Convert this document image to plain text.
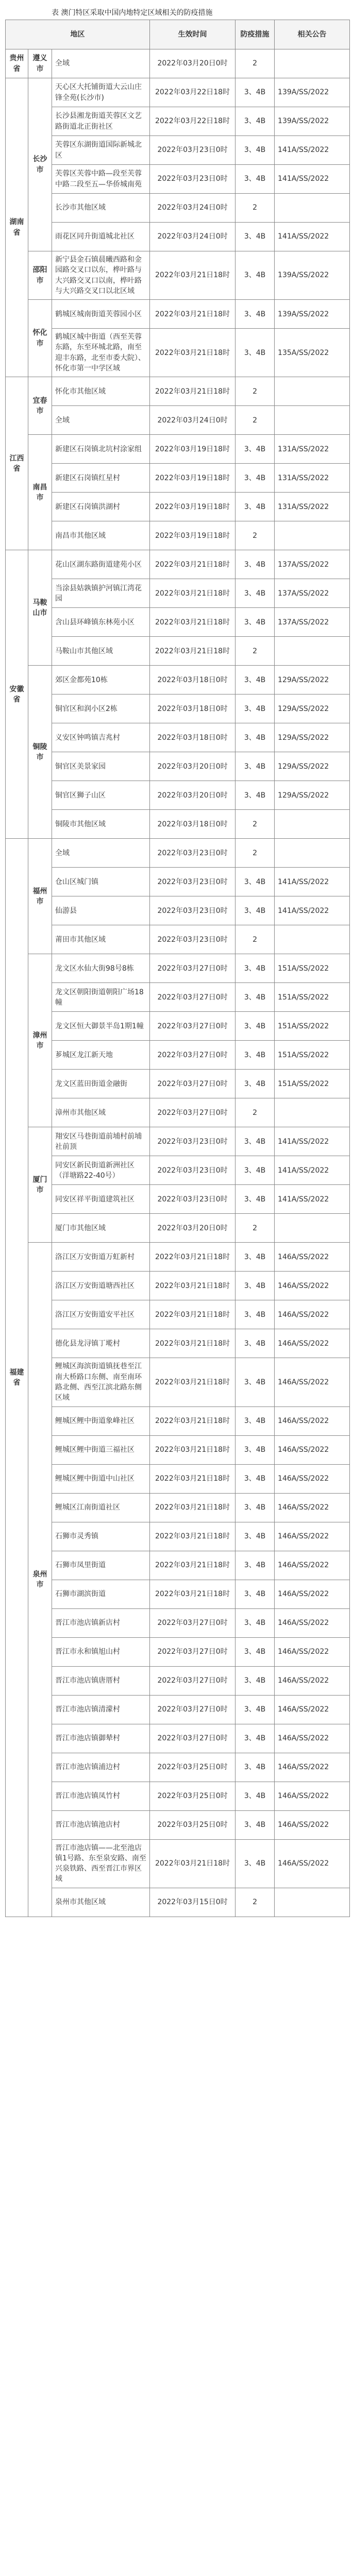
表 澳门特区采取中国内地特定区域相关的防疫措施
地区			生效时间	防疫措施	相关公告
贵州省	遵义市	全域	2022年03月20日0时	2	
湖南省	长沙市	天心区大托铺街道大云山庄锋全苑(长沙市)	2022年03月22日18时	3、4B	139A/SS/2022
		长沙县湘龙街道芙蓉区文艺路街道北正街社区	2022年03月22日18时	3、4B	139A/SS/2022
		芙蓉区东湖街道国际新城北区	2022年03月23日0时	3、4B	141A/SS/2022
		芙蓉区芙蓉中路—段至芙蓉中路二段至五—华侨城南苑	2022年03月23日0时	3、4B	141A/SS/2022
		长沙市其他区域	2022年03月24日0时	2	
		雨花区同升街道城北社区	2022年03月24日0时	3、4B	141A/SS/2022
	邵阳市	新宁县金石镇晨曦西路和金园路交叉口以东，桦叶路与大兴路交叉口以南，桦叶路与大兴路交叉口以北区域	2022年03月21日18时	3、4B	139A/SS/2022
	怀化市	鹤城区城南街道芙蓉园小区	2022年03月21日18时	3、4B	139A/SS/2022
		鹤城区城中街道（西至芙蓉东路，东至环城北路，南至迎丰东路，北至市委大院）、怀化市第一中学区域	2022年03月21日18时	3、4B	135A/SS/2022
江西省	宜春市	怀化市其他区域	2022年03月21日18时	2	
		全域	2022年03月24日0时	2	
	南昌市	新建区石岗镇北坑村涂家组	2022年03月19日18时	3、4B	131A/SS/2022
		新建区石岗镇红星村	2022年03月19日18时	3、4B	131A/SS/2022
		新建区石岗镇洪湖村	2022年03月19日18时	3、4B	131A/SS/2022
		南昌市其他区域	2022年03月19日18时	2	
安徽省	马鞍山市	花山区湖东路街道建苑小区	2022年03月21日18时	3、4B	137A/SS/2022
		当涂县姑孰镇护河镇江湾花园	2022年03月21日18时	3、4B	137A/SS/2022
		含山县环峰镇东林苑小区	2022年03月21日18时	3、4B	137A/SS/2022
		马鞍山市其他区域	2022年03月21日18时	2	
	铜陵市	郊区金都苑10栋	2022年03月18日0时	3、4B	129A/SS/2022
		铜官区和润小区2栋	2022年03月18日0时	3、4B	129A/SS/2022
		义安区钟鸣镇吉兆村	2022年03月18日0时	3、4B	129A/SS/2022
		铜官区美景家园	2022年03月20日0时	3、4B	129A/SS/2022
		铜官区狮子山区	2022年03月20日0时	3、4B	129A/SS/2022
		铜陵市其他区域	2022年03月18日0时	2	
福建省	福州市	全域	2022年03月23日0时	2	
		仓山区城门镇	2022年03月23日0时	3、4B	141A/SS/2022
		仙游县	2022年03月23日0时	3、4B	141A/SS/2022
		莆田市其他区域	2022年03月23日0时	2	
	漳州市	龙文区水仙大街98号8栋	2022年03月27日0时	3、4B	151A/SS/2022
		龙文区朝阳街道朝阳广场18幢	2022年03月27日0时	3、4B	151A/SS/2022
		龙文区恒大御景半岛1期1幢	2022年03月27日0时	3、4B	151A/SS/2022
		芗城区龙江新天地	2022年03月27日0时	3、4B	151A/SS/2022
		龙文区蓝田街道金融街	2022年03月27日0时	3、4B	151A/SS/2022
		漳州市其他区域	2022年03月27日0时	2	
	厦门市	翔安区马巷街道前埔村前埔社前顶	2022年03月23日0时	3、4B	141A/SS/2022
		同安区新民街道新洲社区（洋塘路22-40号）	2022年03月23日0时	3、4B	141A/SS/2022
		同安区祥平街道建筑社区	2022年03月23日0时	3、4B	141A/SS/2022
		厦门市其他区域	2022年03月20日0时	2	
	泉州市	洛江区万安街道万虹新村	2022年03月21日18时	3、4B	146A/SS/2022
		洛江区万安街道塘西社区	2022年03月21日18时	3、4B	146A/SS/2022
		洛江区万安街道安平社区	2022年03月21日18时	3、4B	146A/SS/2022
		德化县龙浔镇丁墘村	2022年03月21日18时	3、4B	146A/SS/2022
		鲤城区海滨街道镇抚巷至江南大桥路口东侧、南至南环路北侧、西至江滨北路东侧区域	2022年03月21日18时	3、4B	146A/SS/2022
		鲤城区鲤中街道象峰社区	2022年03月21日18时	3、4B	146A/SS/2022
		鲤城区鲤中街道三福社区	2022年03月21日18时	3、4B	146A/SS/2022
		鲤城区鲤中街道中山社区	2022年03月21日18时	3、4B	146A/SS/2022
		鲤城区江南街道社区	2022年03月21日18时	3、4B	146A/SS/2022
		石狮市灵秀镇	2022年03月21日18时	3、4B	146A/SS/2022
		石狮市凤里街道	2022年03月21日18时	3、4B	146A/SS/2022
		石狮市湖滨街道	2022年03月21日18时	3、4B	146A/SS/2022
		晋江市池店镇新店村	2022年03月27日0时	3、4B	146A/SS/2022
		晋江市永和镇旭山村	2022年03月27日0时	3、4B	146A/SS/2022
		晋江市池店镇唐厝村	2022年03月27日0时	3、4B	146A/SS/2022
		晋江市池店镇清濛村	2022年03月27日0时	3、4B	146A/SS/2022
		晋江市池店镇御辇村	2022年03月27日0时	3、4B	146A/SS/2022
		晋江市池店镇浦边村	2022年03月25日0时	3、4B	146A/SS/2022
		晋江市池店镇凤竹村	2022年03月25日0时	3、4B	146A/SS/2022
		晋江市池店镇池店村	2022年03月25日0时	3、4B	146A/SS/2022
		晋江市池店镇——北至池店镇1号路、东至泉安路、南至兴泉铁路、西至晋江市界区域	2022年03月21日18时	3、4B	146A/SS/2022
		泉州市其他区域	2022年03月15日0时	2	
